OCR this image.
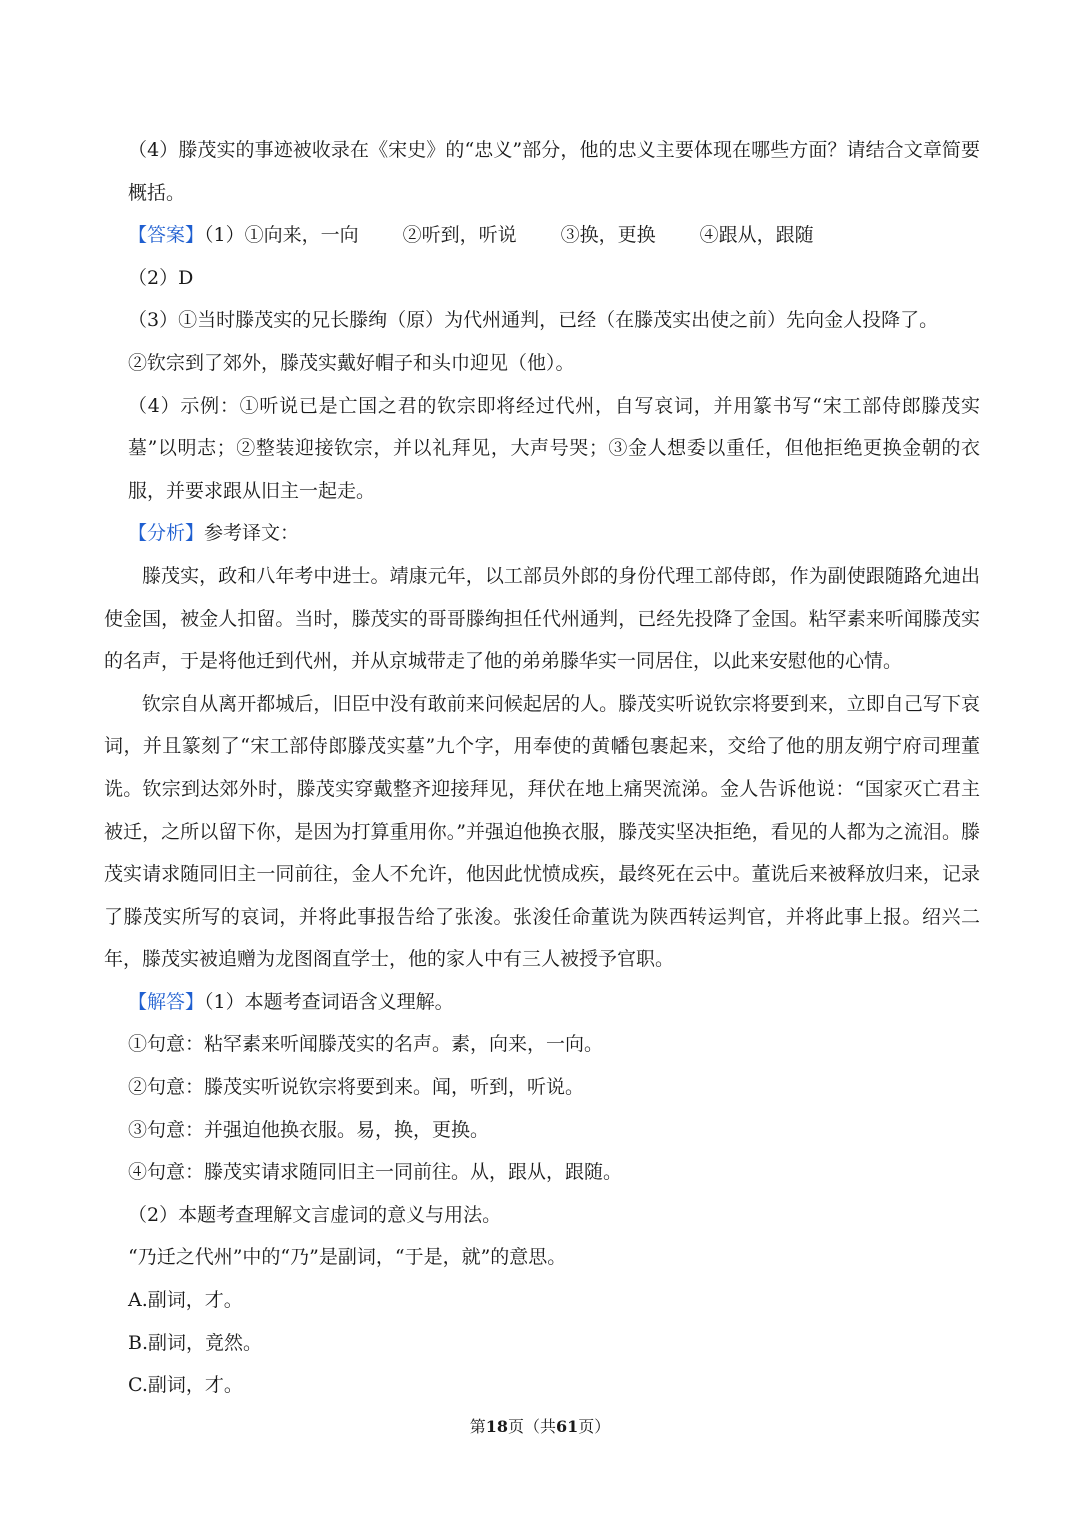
（4）滕茂实的事迹被收录在《宋史》的“忠义”部分，他的忠义主要体现在哪些方面？请结合文章简要概括。

【答案】（1）①向来，一向 ②听到，听说 ③换，更换 ④跟从，跟随

（2）D

（3）①当时滕茂实的兄长滕绚（原）为代州通判，已经（在滕茂实出使之前）先向金人投降了。

②钦宗到了郊外，滕茂实戴好帽子和头巾迎见（他）。

（4）示例：①听说已是亡国之君的钦宗即将经过代州，自写哀词，并用篆书写“宋工部侍郎滕茂实墓”以明志；②整装迎接钦宗，并以礼拜见，大声号哭；③金人想委以重任，但他拒绝更换金朝的衣服，并要求跟从旧主一起走。

【分析】参考译文：

滕茂实，政和八年考中进士。靖康元年，以工部员外郎的身份代理工部侍郎，作为副使跟随路允迪出使金国，被金人扣留。当时，滕茂实的哥哥滕绚担任代州通判，已经先投降了金国。粘罕素来听闻滕茂实的名声，于是将他迁到代州，并从京城带走了他的弟弟滕华实一同居住，以此来安慰他的心情。

钦宗自从离开都城后，旧臣中没有敢前来问候起居的人。滕茂实听说钦宗将要到来，立即自己写下哀词，并且篆刻了“宋工部侍郎滕茂实墓”九个字，用奉使的黄幡包裹起来，交给了他的朋友朔宁府司理董诜。钦宗到达郊外时，滕茂实穿戴整齐迎接拜见，拜伏在地上痛哭流涕。金人告诉他说：“国家灭亡君主被迁，之所以留下你，是因为打算重用你。”并强迫他换衣服，滕茂实坚决拒绝，看见的人都为之流泪。滕茂实请求随同旧主一同前往，金人不允许，他因此忧愤成疾，最终死在云中。董诜后来被释放归来，记录了滕茂实所写的哀词，并将此事报告给了张浚。张浚任命董诜为陕西转运判官，并将此事上报。绍兴二年，滕茂实被追赠为龙图阁直学士，他的家人中有三人被授予官职。

【解答】（1）本题考查词语含义理解。

①句意：粘罕素来听闻滕茂实的名声。素，向来，一向。

②句意：滕茂实听说钦宗将要到来。闻，听到，听说。

③句意：并强迫他换衣服。易，换，更换。

④句意：滕茂实请求随同旧主一同前往。从，跟从，跟随。

（2）本题考查理解文言虚词的意义与用法。

“乃迁之代州”中的“乃”是副词，“于是，就”的意思。

A.副词，才。

B.副词，竟然。

C.副词，才。

第18页（共61页）
